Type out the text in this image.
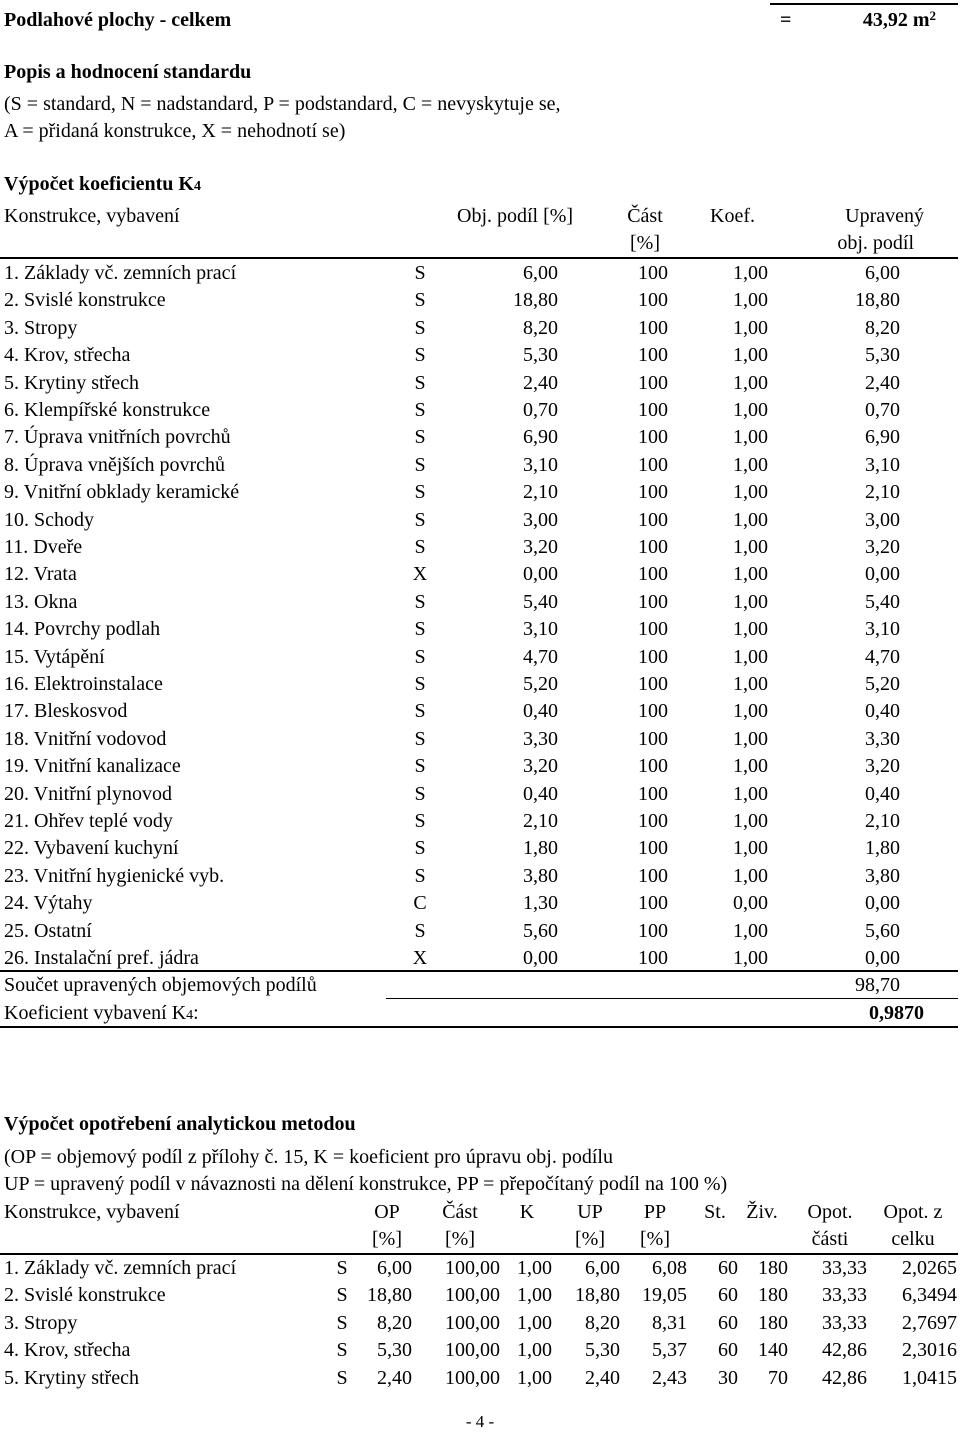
Podlahové plochy - celkem	=	43,92 $m^2$
Popis a hodnocení standardu
(S = standard, N = nadstandard, P = podstandard, C = nevyskytuje se,
A = přidaná konstrukce, X = nehodnotí se)
Výpočet koeficientu K4
Konstrukce, vybavení	Obj. podíl [%]	Část
[%]
Koef.	Upravený
obj. podíl
1. Základy vč. zemních prací	S	6,00	100	1,00	6,00
2. Svislé konstrukce	S	18,80	100	1,00	18,80
3. Stropy	S	8,20	100	1,00	8,20
4. Krov, střecha	S	5,30	100	1,00	5,30
5. Krytiny střech	S	2,40	100	1,00	2,40
6. Klempířské konstrukce	S	0,70	100	1,00	0,70
7. Úprava vnitřních povrchů	S	6,90	100	1,00	6,90
8. Úprava vnějších povrchů	S	3,10	100	1,00	3,10
9. Vnitřní obklady keramické	S	2,10	100	1,00	2,10
10. Schody	S	3,00	100	1,00	3,00
11. Dveře	S	3,20	100	1,00	3,20
12. Vrata	X	0,00	100	1,00	0,00
13. Okna	S	5,40	100	1,00	5,40
14. Povrchy podlah	S	3,10	100	1,00	3,10
15. Vytápění	S	4,70	100	1,00	4,70
16. Elektroinstalace	S	5,20	100	1,00	5,20
17. Bleskosvod	S	0,40	100	1,00	0,40
18. Vnitřní vodovod	S	3,30	100	1,00	3,30
19. Vnitřní kanalizace	S	3,20	100	1,00	3,20
20. Vnitřní plynovod	S	0,40	100	1,00	0,40
21. Ohřev teplé vody	S	2,10	100	1,00	2,10
22. Vybavení kuchyní	S	1,80	100	1,00	1,80
23. Vnitřní hygienické vyb.	S	3,80	100	1,00	3,80
24. Výtahy	C	1,30	100	0,00	0,00
25. Ostatní	S	5,60	100	1,00	5,60
26. Instalační pref. jádra	X	0,00	100	1,00	0,00
Součet upravených objemových podílů	98,70
Koeficient vybavení K4:	0,9870
Výpočet opotřebení analytickou metodou
(OP = objemový podíl z přílohy č. 15, K = koeficient pro úpravu obj. podílu
UP = upravený podíl v návaznosti na dělení konstrukce, PP = přepočítaný podíl na 100 %)
Konstrukce, vybavení	OP
[%]
Část
[%]
K	UP
[%]
PP
[%]
St.	Živ.	Opot.
části
Opot. z
celku
1. Základy vč. zemních prací	S 6,00 100,00 1,00 6,00 6,08 60 180 33,33 2,0265
2. Svislé konstrukce	S 18,80 100,00 1,00 18,80 19,05 60 180 33,33 6,3494
3. Stropy	S 8,20 100,00 1,00 8,20 8,31 60 180 33,33 2,7697
4. Krov, střecha	S 5,30 100,00 1,00 5,30 5,37 60 140 42,86 2,3016
5. Krytiny střech	S 2,40 100,00 1,00 2,40 2,43 30 70 42,86 1,0415
- 4 -
